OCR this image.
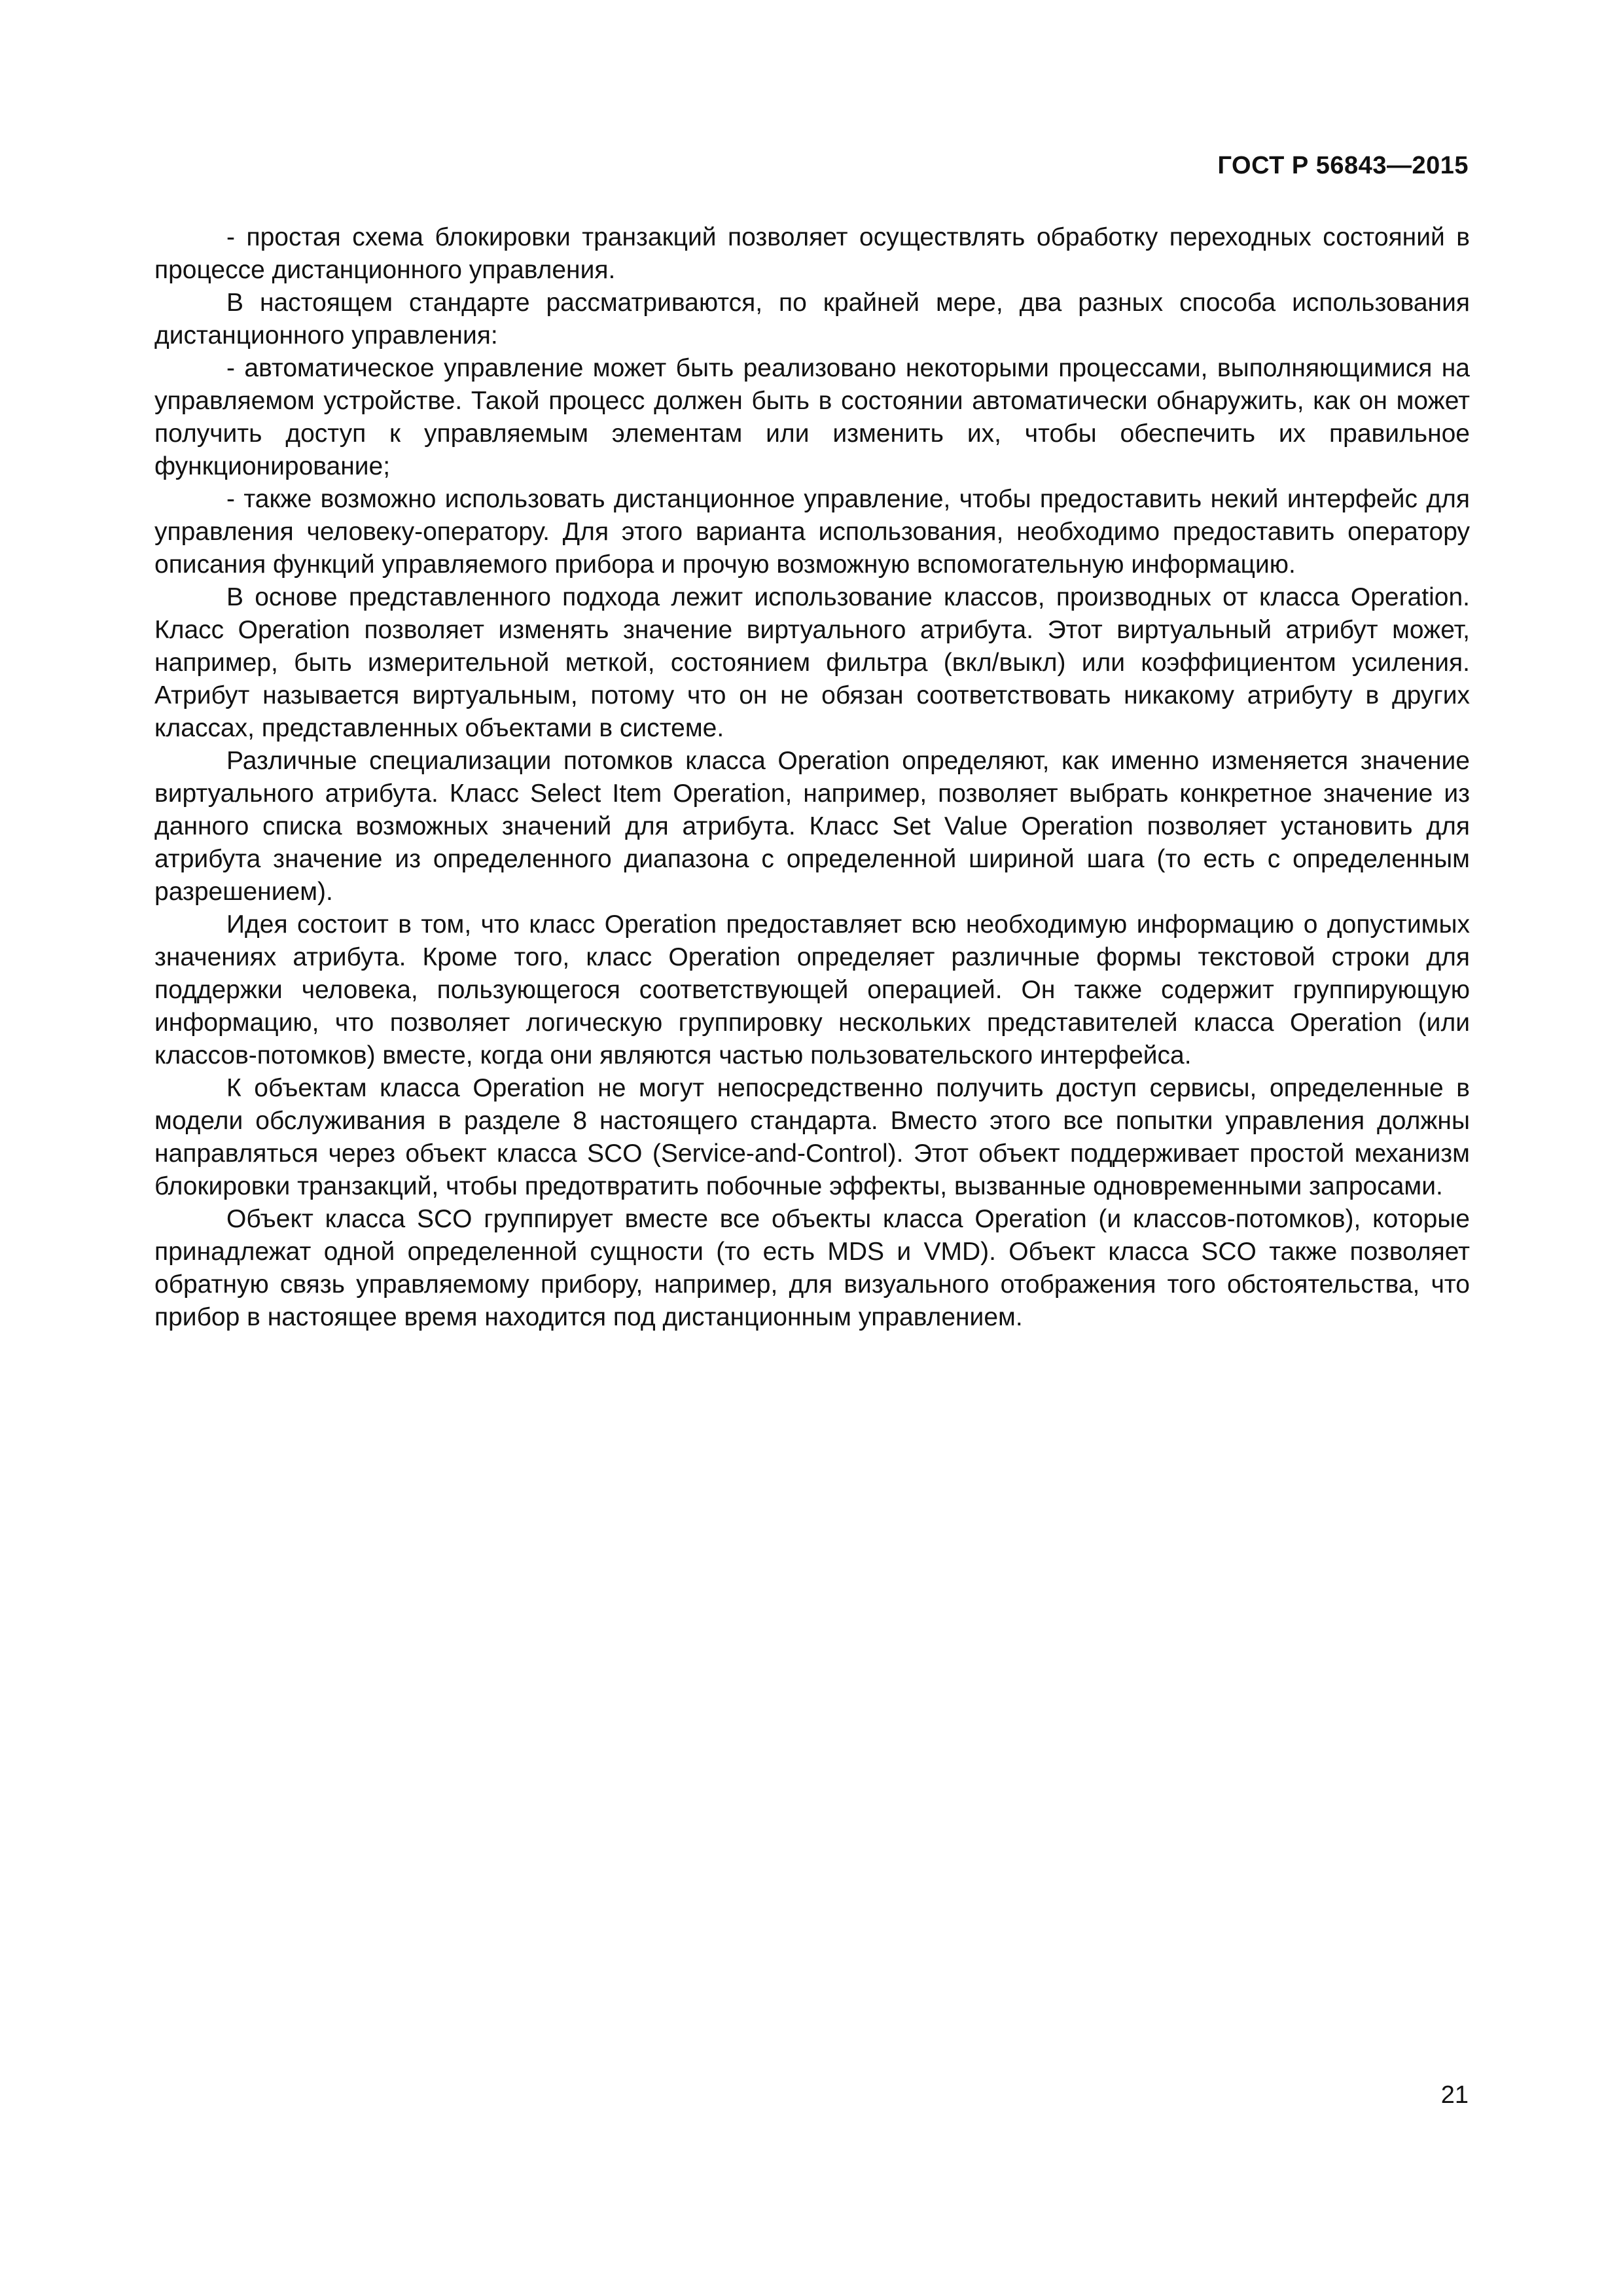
ГОСТ Р 56843—2015

- простая схема блокировки транзакций позволяет осуществлять обработку переходных состояний в процессе дистанционного управления.

В настоящем стандарте рассматриваются, по крайней мере, два разных способа использования дистанционного управления:

- автоматическое управление может быть реализовано некоторыми процессами, выполняющимися на управляемом устройстве. Такой процесс должен быть в состоянии автоматически обнаружить, как он может получить доступ к управляемым элементам или изменить их, чтобы обеспечить их правильное функционирование;

- также возможно использовать дистанционное управление, чтобы предоставить некий интерфейс для управления человеку-оператору. Для этого варианта использования, необходимо предоставить оператору описания функций управляемого прибора и прочую возможную вспомогательную информацию.

В основе представленного подхода лежит использование классов, производных от класса Operation. Класс Operation позволяет изменять значение виртуального атрибута. Этот виртуальный атрибут может, например, быть измерительной меткой, состоянием фильтра (вкл/выкл) или коэффициентом усиления. Атрибут называется виртуальным, потому что он не обязан соответствовать никакому атрибуту в других классах, представленных объектами в системе.

Различные специализации потомков класса Operation определяют, как именно изменяется значение виртуального атрибута. Класс Select Item Operation, например, позволяет выбрать конкретное значение из данного списка возможных значений для атрибута. Класс Set Value Operation позволяет установить для атрибута значение из определенного диапазона с определенной шириной шага (то есть с определенным разрешением).

Идея состоит в том, что класс Operation предоставляет всю необходимую информацию о допустимых значениях атрибута. Кроме того, класс Operation определяет различные формы текстовой строки для поддержки человека, пользующегося соответствующей операцией. Он также содержит группирующую информацию, что позволяет логическую группировку нескольких представителей класса Operation (или классов-потомков) вместе, когда они являются частью пользовательского интерфейса.

К объектам класса Operation не могут непосредственно получить доступ сервисы, определенные в модели обслуживания в разделе 8 настоящего стандарта. Вместо этого все попытки управления должны направляться через объект класса SCO (Service-and-Control). Этот объект поддерживает простой механизм блокировки транзакций, чтобы предотвратить побочные эффекты, вызванные одновременными запросами.

Объект класса SCO группирует вместе все объекты класса Operation (и классов-потомков), которые принадлежат одной определенной сущности (то есть MDS и VMD). Объект класса SCO также позволяет обратную связь управляемому прибору, например, для визуального отображения того обстоятельства, что прибор в настоящее время находится под дистанционным управлением.

21
